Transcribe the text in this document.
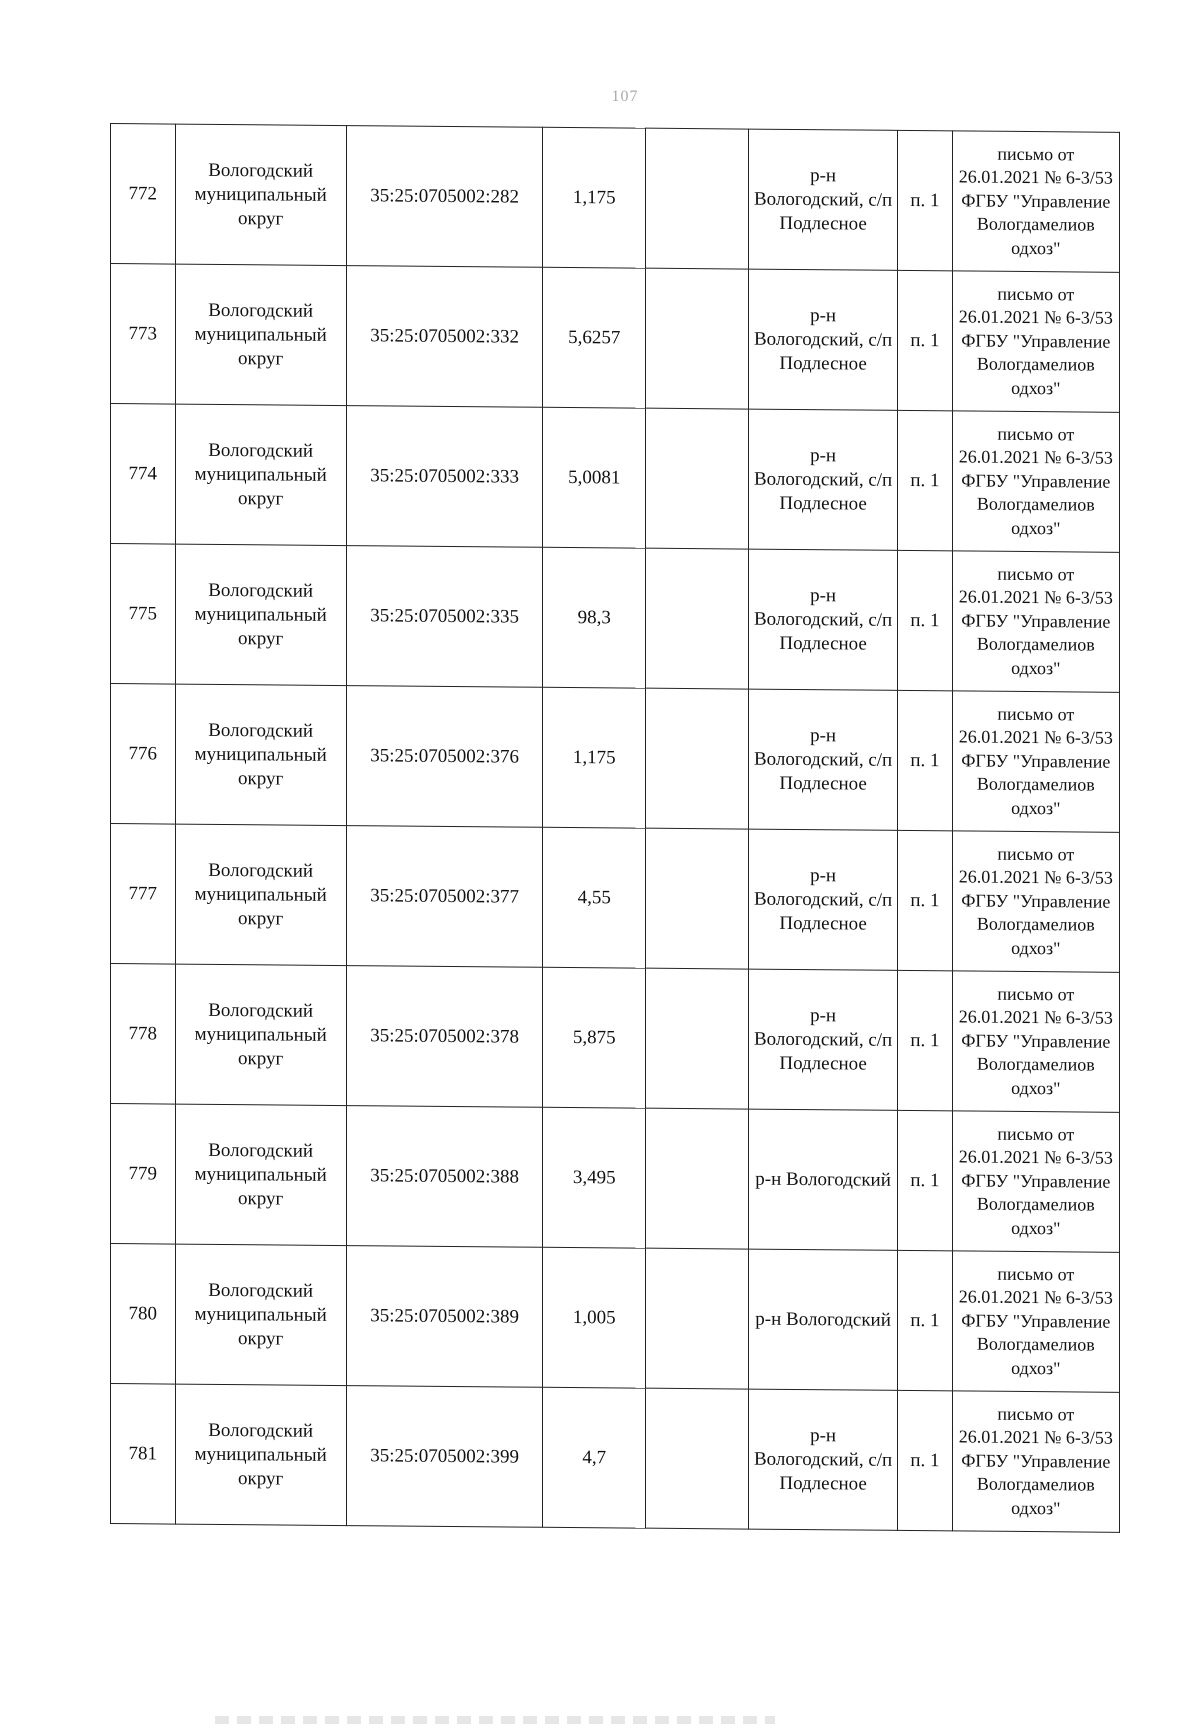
107
772	Вологодский муниципальный округ	35:25:0705002:282	1,175		р-н Вологодский, с/п Подлесное	п. 1	письмо от 26.01.2021 № 6-3/53 ФГБУ "Управление Вологдамелиов одхоз"
773	Вологодский муниципальный округ	35:25:0705002:332	5,6257		р-н Вологодский, с/п Подлесное	п. 1	письмо от 26.01.2021 № 6-3/53 ФГБУ "Управление Вологдамелиов одхоз"
774	Вологодский муниципальный округ	35:25:0705002:333	5,0081		р-н Вологодский, с/п Подлесное	п. 1	письмо от 26.01.2021 № 6-3/53 ФГБУ "Управление Вологдамелиов одхоз"
775	Вологодский муниципальный округ	35:25:0705002:335	98,3		р-н Вологодский, с/п Подлесное	п. 1	письмо от 26.01.2021 № 6-3/53 ФГБУ "Управление Вологдамелиов одхоз"
776	Вологодский муниципальный округ	35:25:0705002:376	1,175		р-н Вологодский, с/п Подлесное	п. 1	письмо от 26.01.2021 № 6-3/53 ФГБУ "Управление Вологдамелиов одхоз"
777	Вологодский муниципальный округ	35:25:0705002:377	4,55		р-н Вологодский, с/п Подлесное	п. 1	письмо от 26.01.2021 № 6-3/53 ФГБУ "Управление Вологдамелиов одхоз"
778	Вологодский муниципальный округ	35:25:0705002:378	5,875		р-н Вологодский, с/п Подлесное	п. 1	письмо от 26.01.2021 № 6-3/53 ФГБУ "Управление Вологдамелиов одхоз"
779	Вологодский муниципальный округ	35:25:0705002:388	3,495		р-н Вологодский	п. 1	письмо от 26.01.2021 № 6-3/53 ФГБУ "Управление Вологдамелиов одхоз"
780	Вологодский муниципальный округ	35:25:0705002:389	1,005		р-н Вологодский	п. 1	письмо от 26.01.2021 № 6-3/53 ФГБУ "Управление Вологдамелиов одхоз"
781	Вологодский муниципальный округ	35:25:0705002:399	4,7		р-н Вологодский, с/п Подлесное	п. 1	письмо от 26.01.2021 № 6-3/53 ФГБУ "Управление Вологдамелиов одхоз"
